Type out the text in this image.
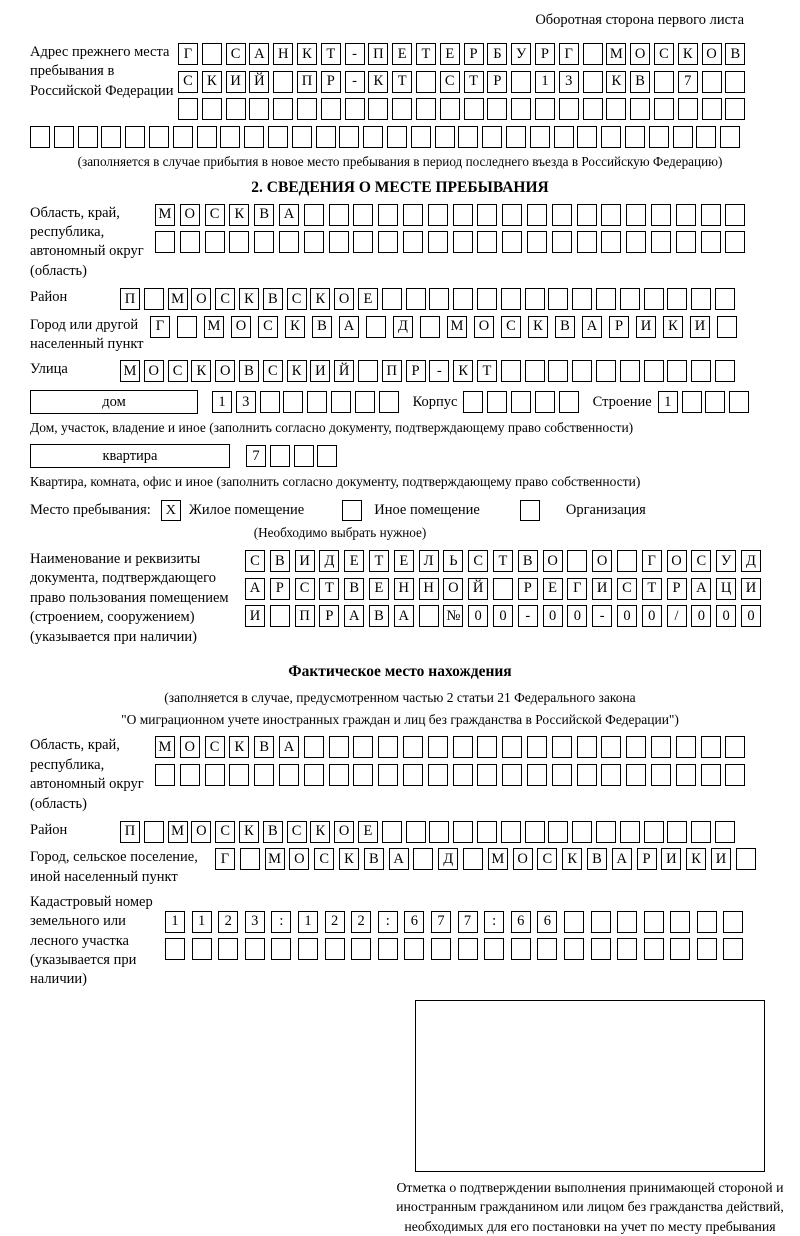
Оборотная сторона первого листа
Адрес прежнего места пребывания в Российской Федерации
Г	С А Н К	Т	-	П Е	Т	Е	Р	Б	У	Р	Г	М О С К О В
С К И Й	П	Р	-	К	Т	С	Т	Р	1	3	К В	7
(заполняется в случае прибытия в новое место пребывания в период последнего въезда в Российскую Федерацию)
2. СВЕДЕНИЯ О МЕСТЕ ПРЕБЫВАНИЯ
Область, край, республика, автономный округ (область)
М О	С	К	В	А
Район	П	М О С К В С К О Е
Город или другой населенный пункт
Г	М	О	С	К	В	А	Д	М	О	С	К	В	А	Р	И	К	И
Улица	М О С К О В С К И Й	П	Р	-	К	Т
дом	1	3	Корпус	Строение 1
Дом, участок, владение и иное (заполнить согласно документу, подтверждающему право собственности)
квартира	7
Квартира, комната, офис и иное (заполнить согласно документу, подтверждающему право собственности)
Место пребывания:	X Жилое помещение	Иное помещение	Организация
(Необходимо выбрать нужное)
Наименование и реквизиты документа, подтверждающего право пользования помещением (строением, сооружением) (указывается при наличии)
С	В	И	Д	Е	Т	Е	Л	Ь	С	Т	В	О	О	Г	О	С	У	Д
А	Р	С	Т	В	Е	Н Н О Й	Р	Е	Г	И	С	Т	Р	А Ц И
И	П	Р	А	В	А	№ 0	0	-	0	0	-	0	0	/	0	0	0
Фактическое место нахождения
(заполняется в случае, предусмотренном частью 2 статьи 21 Федерального закона
"О миграционном учете иностранных граждан и лиц без гражданства в Российской Федерации")
Область, край, республика, автономный округ (область)
М О	С	К	В	А
Район	П	М О С К В С К О Е
Город, сельское поселение, иной населенный пункт
Г	М О	С	К	В	А	Д	М О	С	К	В	А	Р	И	К	И
Кадастровый номер земельного или лесного участка (указывается при наличии)
1	1	2	3	:	1	2	2	:	6	7	7	:	6	6
Отметка о подтверждении выполнения принимающей стороной и иностранным гражданином или лицом без гражданства действий, необходимых для его постановки на учет по месту пребывания
